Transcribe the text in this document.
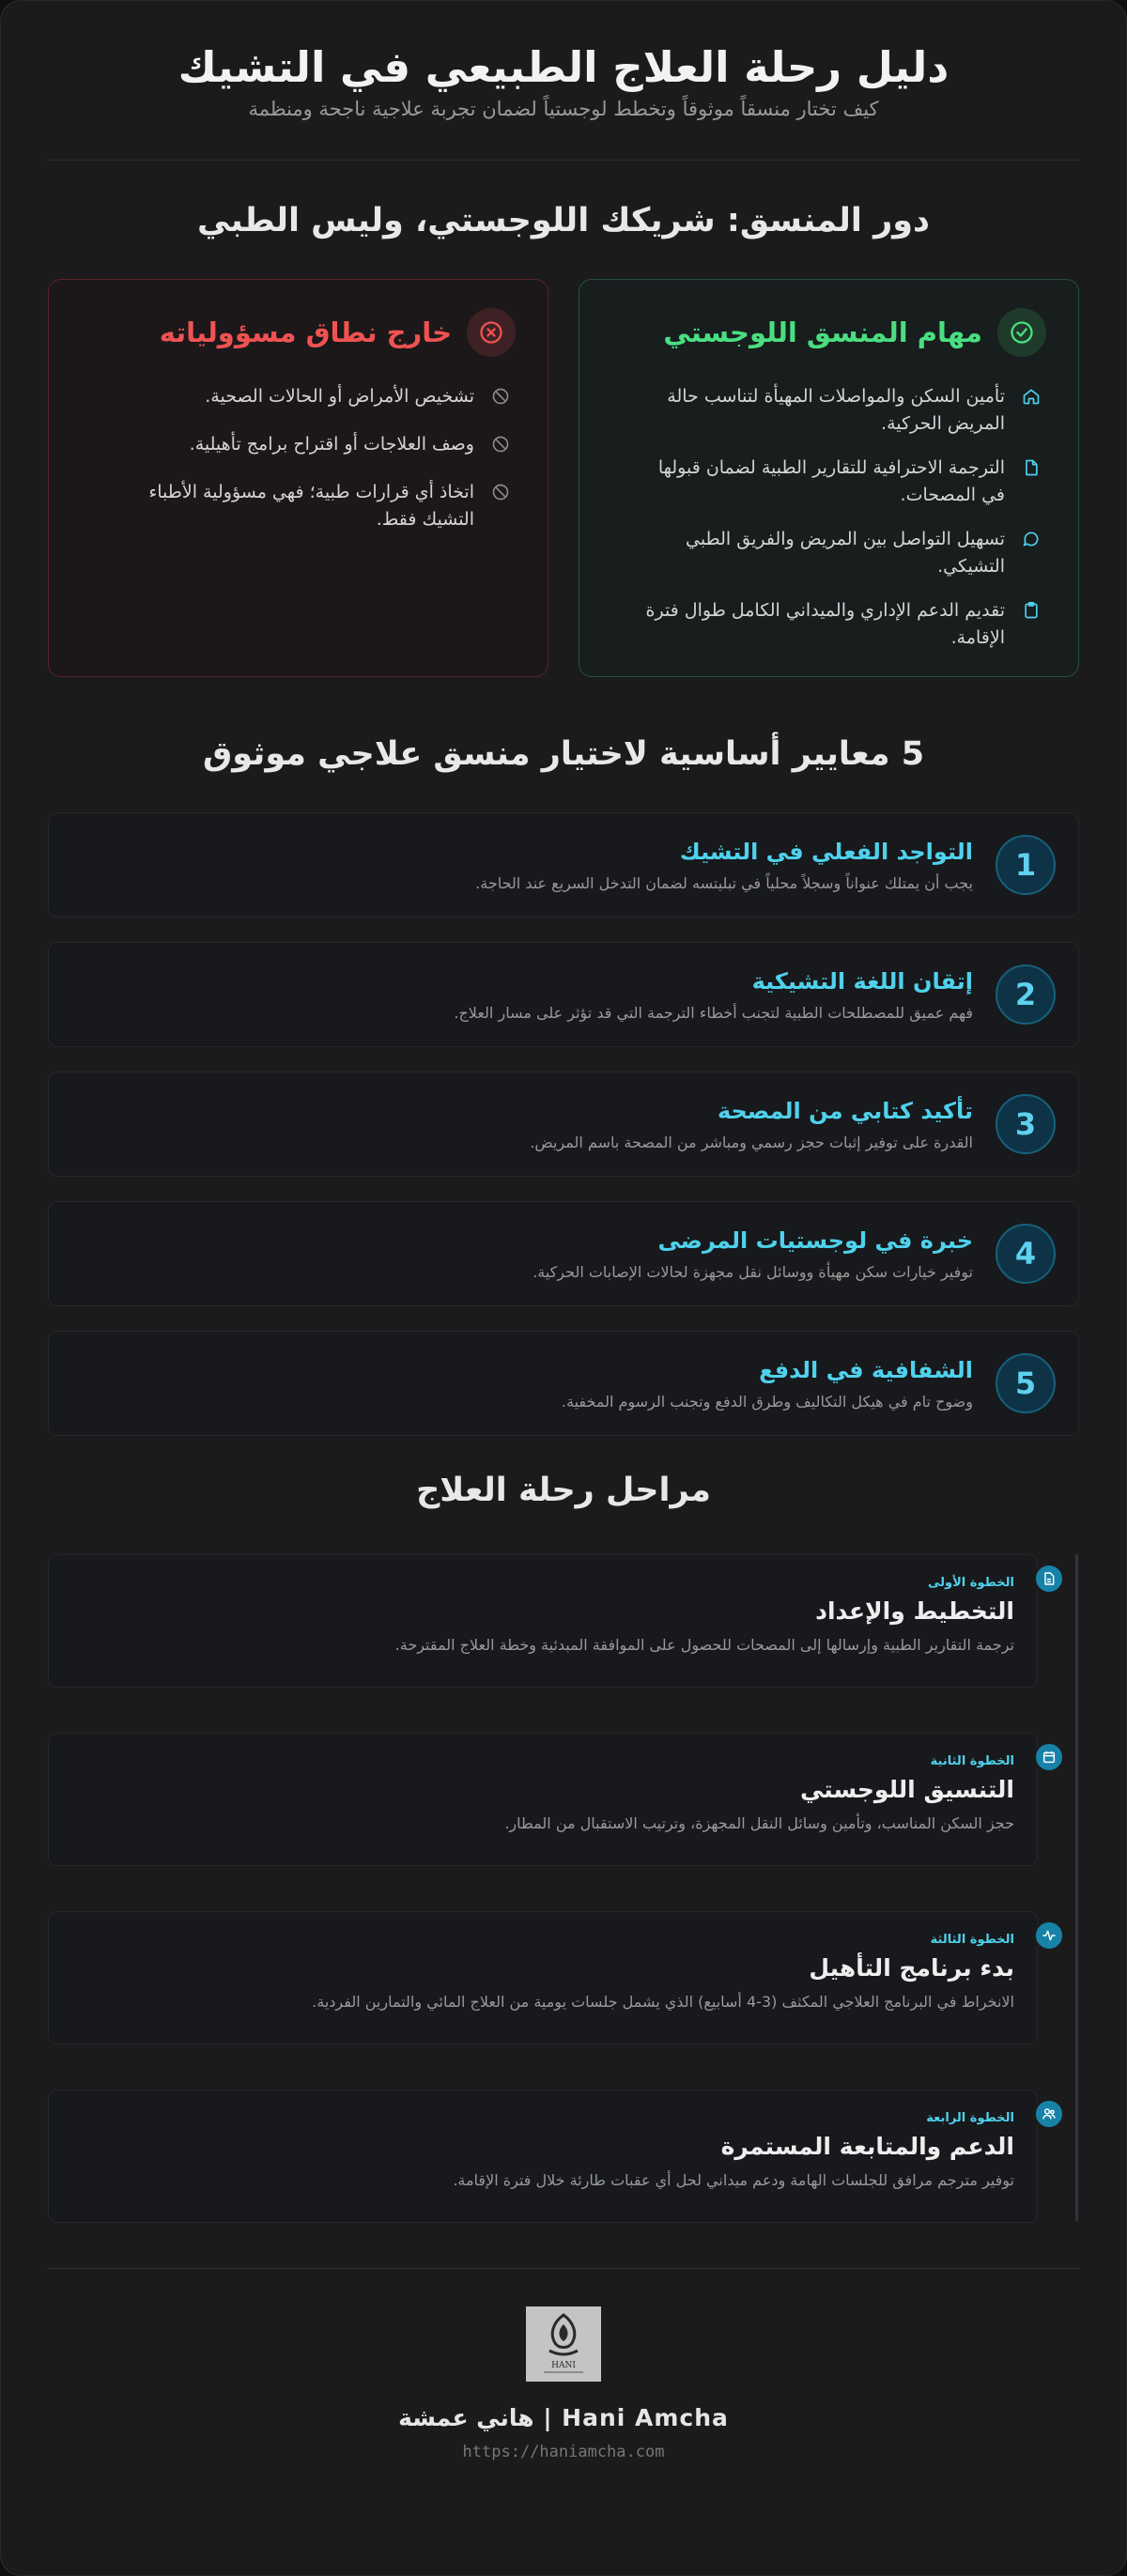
دليل رحلة العلاج الطبيعي في التشيك

كيف تختار منسقاً موثوقاً وتخطط لوجستياً لضمان تجربة علاجية ناجحة ومنظمة

دور المنسق: شريكك اللوجستي، وليس الطبي
مهام المنسق اللوجستي
تأمين السكن والمواصلات المهيأة لتناسب حالة المريض الحركية.
الترجمة الاحترافية للتقارير الطبية لضمان قبولها في المصحات.
تسهيل التواصل بين المريض والفريق الطبي التشيكي.
تقديم الدعم الإداري والميداني الكامل طوال فترة الإقامة.
خارج نطاق مسؤولياته
تشخيص الأمراض أو الحالات الصحية.
وصف العلاجات أو اقتراح برامج تأهيلية.
اتخاذ أي قرارات طبية؛ فهي مسؤولية الأطباء التشيك فقط.
5 معايير أساسية لاختيار منسق علاجي موثوق
1
التواجد الفعلي في التشيك

يجب أن يمتلك عنواناً وسجلاً محلياً في تبليتسه لضمان التدخل السريع عند الحاجة.

2
إتقان اللغة التشيكية

فهم عميق للمصطلحات الطبية لتجنب أخطاء الترجمة التي قد تؤثر على مسار العلاج.

3
تأكيد كتابي من المصحة

القدرة على توفير إثبات حجز رسمي ومباشر من المصحة باسم المريض.

4
خبرة في لوجستيات المرضى

توفير خيارات سكن مهيأة ووسائل نقل مجهزة لحالات الإصابات الحركية.

5
الشفافية في الدفع

وضوح تام في هيكل التكاليف وطرق الدفع وتجنب الرسوم المخفية.

مراحل رحلة العلاج
الخطوة الأولى
التخطيط والإعداد

ترجمة التقارير الطبية وإرسالها إلى المصحات للحصول على الموافقة المبدئية وخطة العلاج المقترحة.

الخطوة الثانية
التنسيق اللوجستي

حجز السكن المناسب، وتأمين وسائل النقل المجهزة، وترتيب الاستقبال من المطار.

الخطوة الثالثة
بدء برنامج التأهيل

الانخراط في البرنامج العلاجي المكثف (3-4 أسابيع) الذي يشمل جلسات يومية من العلاج المائي والتمارين الفردية.

الخطوة الرابعة
الدعم والمتابعة المستمرة

توفير مترجم مرافق للجلسات الهامة ودعم ميداني لحل أي عقبات طارئة خلال فترة الإقامة.

HANI
Hani Amcha | هاني عمشة
https://haniamcha.com
